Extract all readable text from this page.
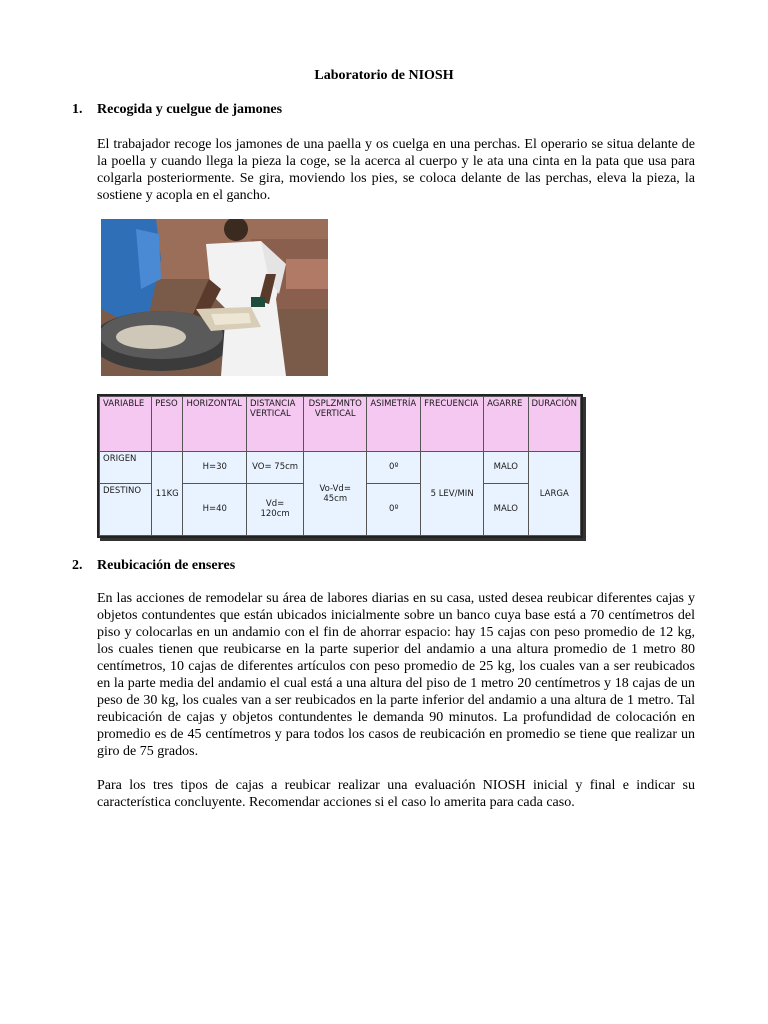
Laboratorio de NIOSH
1. Recogida y cuelgue de jamones

El trabajador recoge los jamones de una paella y os cuelga en una perchas. El operario se situa delante de la poella y cuando llega la pieza la coge, se la acerca al cuerpo y le ata una cinta en la pata que usa para colgarla posteriormente. Se gira, moviendo los pies, se coloca delante de las perchas, eleva la pieza, la sostiene y acopla en el gancho.

VARIABLE	PESO	HORIZONTAL	DISTANCIA VERTICAL	DSPLZMNTO VERTICAL	ASIMETRÍA	FRECUENCIA	AGARRE	DURACIÓN
ORIGEN	11KG	H=30	VO= 75cm	Vo-Vd= 45cm	0º	5 LEV/MIN	MALO	LARGA
DESTINO		H=40	Vd= 120cm		0º		MALO	
2. Reubicación de enseres

En las acciones de remodelar su área de labores diarias en su casa, usted desea reubicar diferentes cajas y objetos contundentes que están ubicados inicialmente sobre un banco cuya base está a 70 centímetros del piso y colocarlas en un andamio con el fin de ahorrar espacio: hay 15 cajas con peso promedio de 12 kg, los cuales tienen que reubicarse en la parte superior del andamio a una altura promedio de 1 metro 80 centímetros, 10 cajas de diferentes artículos con peso promedio de 25 kg, los cuales van a ser reubicados en la parte media del andamio el cual está a una altura del piso de 1 metro 20 centímetros y 18 cajas de un peso de 30 kg, los cuales van a ser reubicados en la parte inferior del andamio a una altura de 1 metro. Tal reubicación de cajas y objetos contundentes le demanda 90 minutos. La profundidad de colocación en promedio es de 45 centímetros y para todos los casos de reubicación en promedio se tiene que realizar un giro de 75 grados.

Para los tres tipos de cajas a reubicar realizar una evaluación NIOSH inicial y final e indicar su característica concluyente. Recomendar acciones si el caso lo amerita para cada caso.
